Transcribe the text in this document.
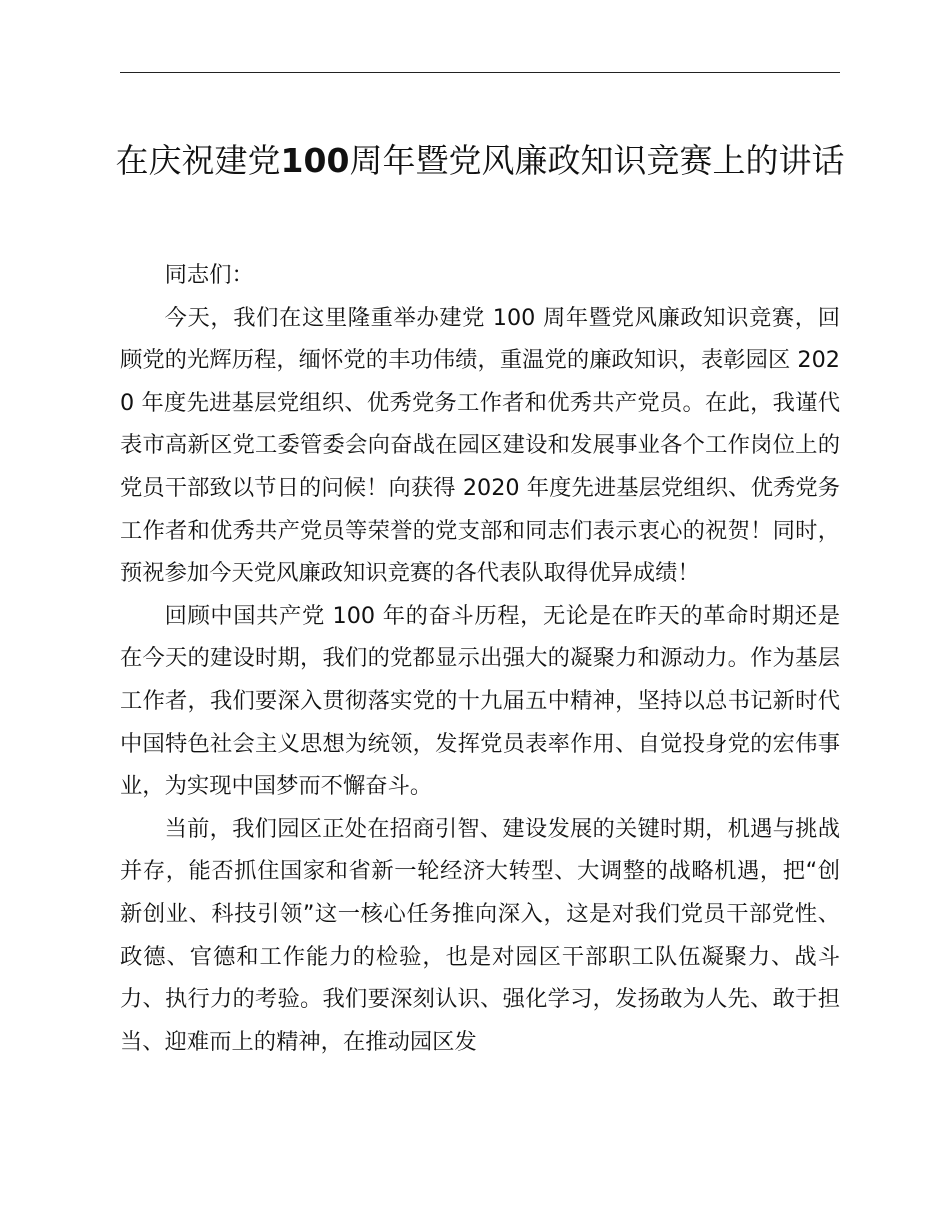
在庆祝建党100周年暨党风廉政知识竞赛上的讲话

同志们：

今天，我们在这里隆重举办建党 100 周年暨党风廉政知识竞赛，回顾党的光辉历程，缅怀党的丰功伟绩，重温党的廉政知识，表彰园区 2020 年度先进基层党组织、优秀党务工作者和优秀共产党员。在此，我谨代表市高新区党工委管委会向奋战在园区建设和发展事业各个工作岗位上的党员干部致以节日的问候！向获得 2020 年度先进基层党组织、优秀党务工作者和优秀共产党员等荣誉的党支部和同志们表示衷心的祝贺！同时，预祝参加今天党风廉政知识竞赛的各代表队取得优异成绩！

回顾中国共产党 100 年的奋斗历程，无论是在昨天的革命时期还是在今天的建设时期，我们的党都显示出强大的凝聚力和源动力。作为基层工作者，我们要深入贯彻落实党的十九届五中精神，坚持以总书记新时代中国特色社会主义思想为统领，发挥党员表率作用、自觉投身党的宏伟事业，为实现中国梦而不懈奋斗。

当前，我们园区正处在招商引智、建设发展的关键时期，机遇与挑战并存，能否抓住国家和省新一轮经济大转型、大调整的战略机遇，把“创新创业、科技引领”这一核心任务推向深入，这是对我们党员干部党性、政德、官德和工作能力的检验，也是对园区干部职工队伍凝聚力、战斗力、执行力的考验。我们要深刻认识、强化学习，发扬敢为人先、敢于担当、迎难而上的精神，在推动园区发
